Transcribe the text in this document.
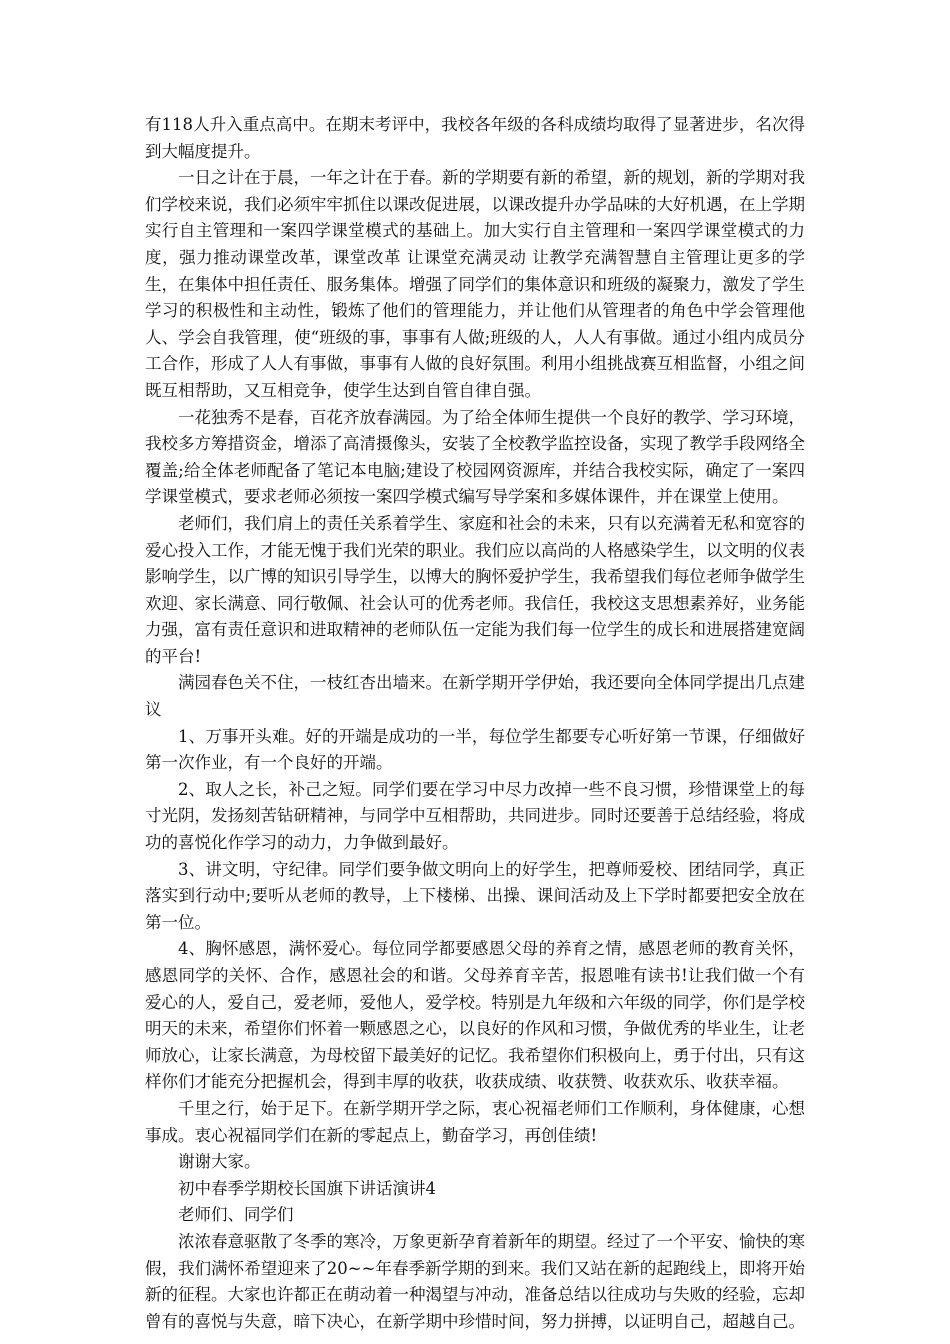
有118人升入重点高中。在期末考评中，我校各年级的各科成绩均取得了显著进步，名次得到大幅度提升。

一日之计在于晨，一年之计在于春。新的学期要有新的希望，新的规划，新的学期对我们学校来说，我们必须牢牢抓住以课改促进展，以课改提升办学品味的大好机遇，在上学期实行自主管理和一案四学课堂模式的基础上。加大实行自主管理和一案四学课堂模式的力度，强力推动课堂改革，课堂改革 让课堂充满灵动 让教学充满智慧自主管理让更多的学生，在集体中担任责任、服务集体。增强了同学们的集体意识和班级的凝聚力，激发了学生学习的积极性和主动性，锻炼了他们的管理能力，并让他们从管理者的角色中学会管理他人、学会自我管理，使“班级的事，事事有人做;班级的人，人人有事做。通过小组内成员分工合作，形成了人人有事做，事事有人做的良好氛围。利用小组挑战赛互相监督，小组之间既互相帮助，又互相竞争，使学生达到自管自律自强。

一花独秀不是春，百花齐放春满园。为了给全体师生提供一个良好的教学、学习环境，我校多方筹措资金，增添了高清摄像头，安装了全校教学监控设备，实现了教学手段网络全覆盖;给全体老师配备了笔记本电脑;建设了校园网资源库，并结合我校实际，确定了一案四学课堂模式，要求老师必须按一案四学模式编写导学案和多媒体课件，并在课堂上使用。

老师们，我们肩上的责任关系着学生、家庭和社会的未来，只有以充满着无私和宽容的爱心投入工作，才能无愧于我们光荣的职业。我们应以高尚的人格感染学生，以文明的仪表影响学生，以广博的知识引导学生，以博大的胸怀爱护学生，我希望我们每位老师争做学生欢迎、家长满意、同行敬佩、社会认可的优秀老师。我信任，我校这支思想素养好，业务能力强，富有责任意识和进取精神的老师队伍一定能为我们每一位学生的成长和进展搭建宽阔的平台!

满园春色关不住，一枝红杏出墙来。在新学期开学伊始，我还要向全体同学提出几点建议

1、万事开头难。好的开端是成功的一半，每位学生都要专心听好第一节课，仔细做好第一次作业，有一个良好的开端。

2、取人之长，补己之短。同学们要在学习中尽力改掉一些不良习惯，珍惜课堂上的每寸光阴，发扬刻苦钻研精神，与同学中互相帮助，共同进步。同时还要善于总结经验，将成功的喜悦化作学习的动力，力争做到最好。

3、讲文明，守纪律。同学们要争做文明向上的好学生，把尊师爱校、团结同学，真正落实到行动中;要听从老师的教导，上下楼梯、出操、课间活动及上下学时都要把安全放在第一位。

4、胸怀感恩，满怀爱心。每位同学都要感恩父母的养育之情，感恩老师的教育关怀，感恩同学的关怀、合作，感恩社会的和谐。父母养育辛苦，报恩唯有读书!让我们做一个有爱心的人，爱自己，爱老师，爱他人，爱学校。特别是九年级和六年级的同学，你们是学校明天的未来，希望你们怀着一颗感恩之心，以良好的作风和习惯，争做优秀的毕业生，让老师放心，让家长满意，为母校留下最美好的记忆。我希望你们积极向上，勇于付出，只有这样你们才能充分把握机会，得到丰厚的收获，收获成绩、收获赞、收获欢乐、收获幸福。

千里之行，始于足下。在新学期开学之际，衷心祝福老师们工作顺利，身体健康，心想事成。衷心祝福同学们在新的零起点上，勤奋学习，再创佳绩!

谢谢大家。

初中春季学期校长国旗下讲话演讲4

老师们、同学们

浓浓春意驱散了冬季的寒冷，万象更新孕育着新年的期望。经过了一个平安、愉快的寒假，我们满怀希望迎来了20~~年春季新学期的到来。我们又站在新的起跑线上，即将开始新的征程。大家也许都正在萌动着一种渴望与冲动，准备总结以往成功与失败的经验，忘却曾有的喜悦与失意，暗下决心，在新学期中珍惜时间，努力拼搏，以证明自己，超越自己。
